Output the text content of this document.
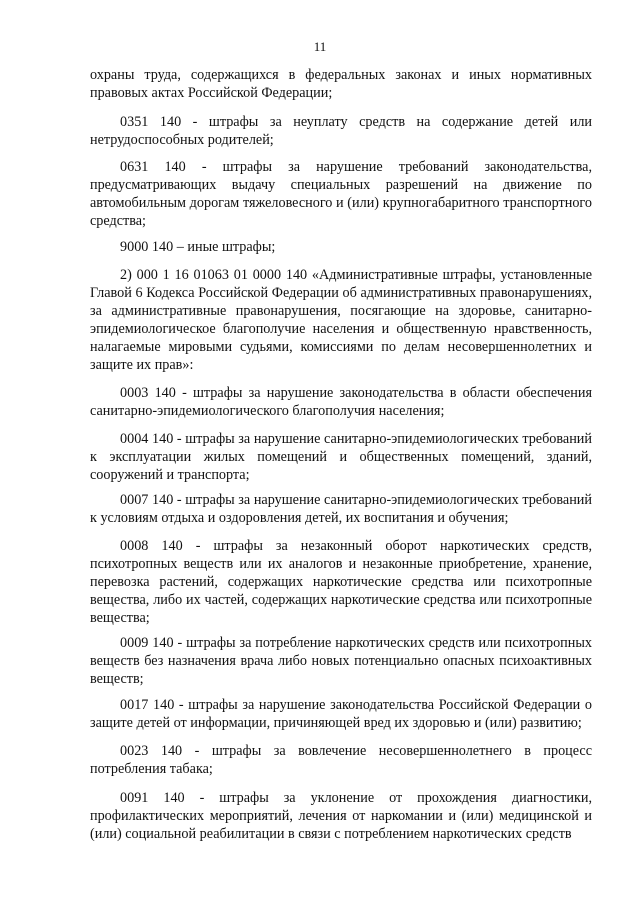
11

охраны труда, содержащихся в федеральных законах и иных нормативных правовых актах Российской Федерации;

0351 140 - штрафы за неуплату средств на содержание детей или нетрудоспособных родителей;

0631 140 - штрафы за нарушение требований законодательства, предусматривающих выдачу специальных разрешений на движение по автомобильным дорогам тяжеловесного и (или) крупногабаритного транспортного средства;

9000 140 – иные штрафы;

2) 000 1 16 01063 01 0000 140 «Административные штрафы, установленные Главой 6 Кодекса Российской Федерации об административных правонарушениях, за административные правонарушения, посягающие на здоровье, санитарно-эпидемиологическое благополучие населения и общественную нравственность, налагаемые мировыми судьями, комиссиями по делам несовершеннолетних и защите их прав»:

0003 140 - штрафы за нарушение законодательства в области обеспечения санитарно-эпидемиологического благополучия населения;

0004 140 - штрафы за нарушение санитарно-эпидемиологических требований к эксплуатации жилых помещений и общественных помещений, зданий, сооружений и транспорта;

0007 140 - штрафы за нарушение санитарно-эпидемиологических требований к условиям отдыха и оздоровления детей, их воспитания и обучения;

0008 140 - штрафы за незаконный оборот наркотических средств, психотропных веществ или их аналогов и незаконные приобретение, хранение, перевозка растений, содержащих наркотические средства или психотропные вещества, либо их частей, содержащих наркотические средства или психотропные вещества;

0009 140 - штрафы за потребление наркотических средств или психотропных веществ без назначения врача либо новых потенциально опасных психоактивных веществ;

0017 140 - штрафы за нарушение законодательства Российской Федерации о защите детей от информации, причиняющей вред их здоровью и (или) развитию;

0023 140 - штрафы за вовлечение несовершеннолетнего в процесс потребления табака;

0091 140 - штрафы за уклонение от прохождения диагностики, профилактических мероприятий, лечения от наркомании и (или) медицинской и (или) социальной реабилитации в связи с потреблением наркотических средств
